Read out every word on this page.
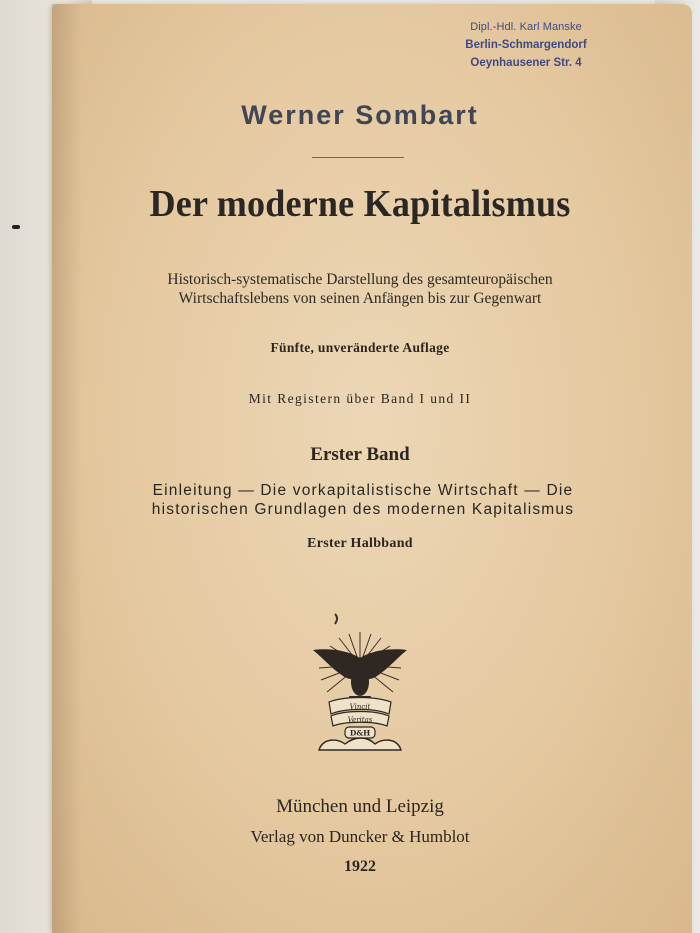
Dipl.-Hdl. Karl Manske
Berlin-Schmargendorf
Oeynhausener Str. 4
Werner Sombart
Der moderne Kapitalismus
Historisch-systematische Darstellung des gesamteuropäischen
Wirtschaftslebens von seinen Anfängen bis zur Gegenwart
Fünfte, unveränderte Auflage
Mit Registern über Band I und II
Erster Band
Einleitung — Die vorkapitalistische Wirtschaft — Die
historischen Grundlagen des modernen Kapitalismus
Erster Halbband
Vincit
Veritas
D&H
München und Leipzig
Verlag von Duncker & Humblot
1922
